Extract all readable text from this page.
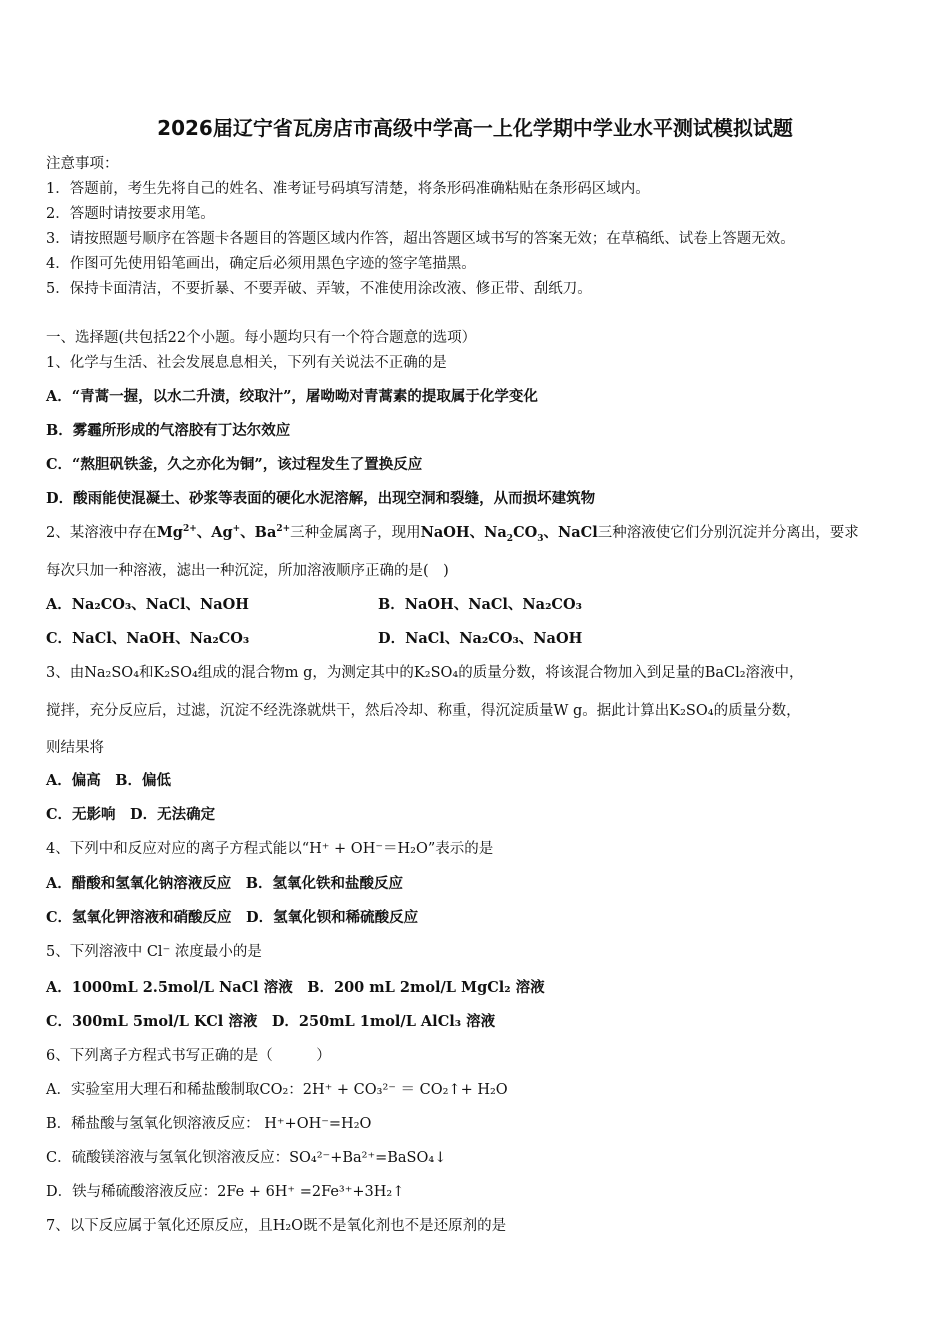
2026届辽宁省瓦房店市高级中学高一上化学期中学业水平测试模拟试题
注意事项：
1．答题前，考生先将自己的姓名、准考证号码填写清楚，将条形码准确粘贴在条形码区域内。
2．答题时请按要求用笔。
3．请按照题号顺序在答题卡各题目的答题区域内作答，超出答题区域书写的答案无效；在草稿纸、试卷上答题无效。
4．作图可先使用铅笔画出，确定后必须用黑色字迹的签字笔描黑。
5．保持卡面清洁，不要折暴、不要弄破、弄皱，不准使用涂改液、修正带、刮纸刀。
一、选择题(共包括22个小题。每小题均只有一个符合题意的选项）
1、化学与生活、社会发展息息相关，下列有关说法不正确的是
A．“青蒿一握，以水二升渍，绞取汁”，屠呦呦对青蒿素的提取属于化学变化
B．雾霾所形成的气溶胶有丁达尔效应
C．“熬胆矾铁釜，久之亦化为铜”，该过程发生了置换反应
D．酸雨能使混凝土、砂浆等表面的硬化水泥溶解，出现空洞和裂缝，从而损坏建筑物
2、某溶液中存在$Mg^{2+}$、Ag+、$Ba^{2+}$三种金属离子，现用NaOH、$Na_2CO_3$、NaCl三种溶液使它们分别沉淀并分离出，要求
每次只加一种溶液，滤出一种沉淀，所加溶液顺序正确的是(　)
A．Na₂CO₃、NaCl、NaOH	B．NaOH、NaCl、Na₂CO₃
C．NaCl、NaOH、Na₂CO₃	D．NaCl、Na₂CO₃、NaOH
3、由Na₂SO₄和K₂SO₄组成的混合物m g，为测定其中的K₂SO₄的质量分数，将该混合物加入到足量的BaCl₂溶液中，
搅拌，充分反应后，过滤，沉淀不经洗涤就烘干，然后冷却、称重，得沉淀质量W g。据此计算出K₂SO₄的质量分数，
则结果将
A．偏高　B．偏低
C．无影响　D．无法确定
4、下列中和反应对应的离子方程式能以“H⁺ + OH⁻＝H₂O”表示的是
A．醋酸和氢氧化钠溶液反应　B．氢氧化铁和盐酸反应
C．氢氧化钾溶液和硝酸反应　D．氢氧化钡和稀硫酸反应
5、下列溶液中 Cl⁻ 浓度最小的是
A．1000mL 2.5mol/L NaCl 溶液　B．200 mL 2mol/L MgCl₂ 溶液
C．300mL 5mol/L KCl 溶液　D．250mL 1mol/L AlCl₃ 溶液
6、下列离子方程式书写正确的是（　　　）
A．实验室用大理石和稀盐酸制取CO₂：2H⁺ + CO₃²⁻ ＝ CO₂↑+ H₂O
B．稀盐酸与氢氧化钡溶液反应： H⁺+OH⁻=H₂O
C．硫酸镁溶液与氢氧化钡溶液反应：SO₄²⁻+Ba²⁺=BaSO₄↓
D．铁与稀硫酸溶液反应：2Fe + 6H⁺ =2Fe³⁺+3H₂↑
7、以下反应属于氧化还原反应，且H₂O既不是氧化剂也不是还原剂的是
